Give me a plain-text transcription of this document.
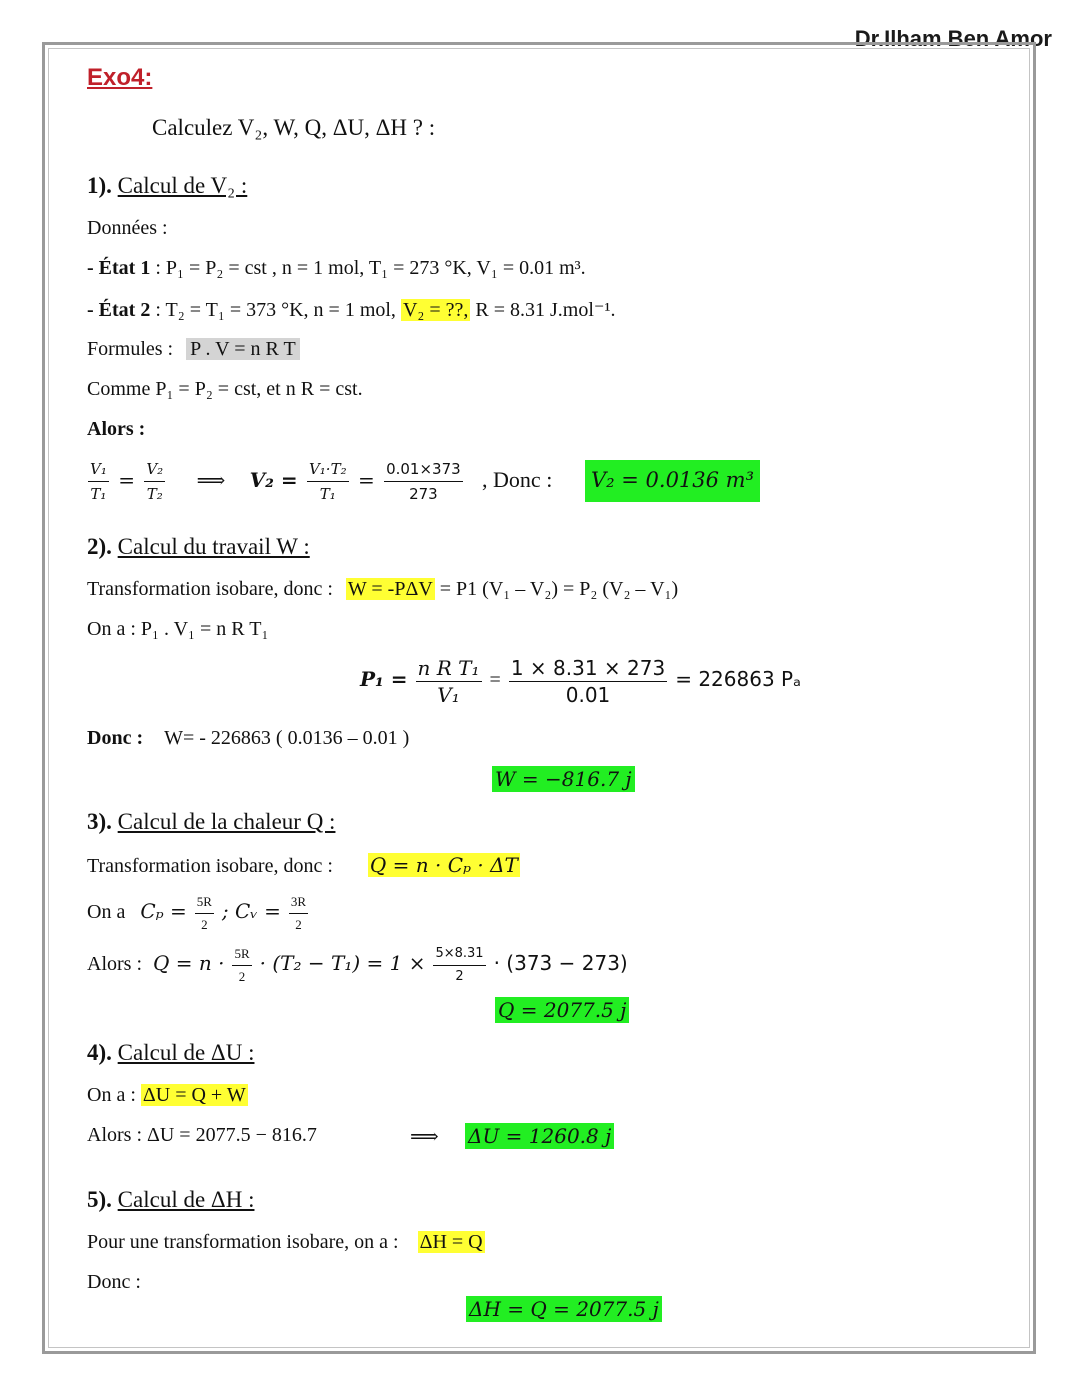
Dr.Ilham Ben Amor
Exo4:
Calculez V₂, W, Q, ΔU, ΔH ? :
1). Calcul de V₂ :
Données :
- État 1 : P₁ = P₂ = cst , n = 1 mol, T₁ = 273 °K, V₁ = 0.01 m³.
- État 2 : T₂ = T₁ = 373 °K, n = 1 mol, V₂ = ??, R = 8.31 J.mol⁻¹.
Formules : P . V = n R T
Comme P₁ = P₂ = cst, et n R = cst.
Alors :
$\frac{\text{V₁}}{\text{T₁}} = \frac{\text{V₂}}{\text{T₂}}$ ⟹ $V_2 = \frac{\text{V₁·T₂}}{\text{T₁}} = \frac{0.01\times 373}{273}$ , Donc : V₂ = 0.0136 m³
2). Calcul du travail W :
Transformation isobare, donc : W = -PΔV = P1 (V₁ – V₂) = P₂ (V₂ – V₁)
On a : P₁ . V₁ = n R T₁
$P_1 = \frac{\text{n R T₁}}{\text{V₁}} = \frac{1 \times 8.31 \times 273}{0.01} = 226863$ Pₐ
Donc : W= - 226863 ( 0.0136 – 0.01 )
W = −816.7 j
3). Calcul de la chaleur Q :
Transformation isobare, donc : Q = n · Cₚ · ΔT
On a $C_p = \frac{5R}{2}$ ; Cᵥ = $\frac{3R}{2}$
Alors : $Q = n \cdot \frac{5R}{2} \cdot (T_2 - T_1) = 1 \times \frac{5\times 8.31}{2} \cdot (373 - 273)$
Q = 2077.5 j
4). Calcul de ΔU :
On a : ΔU = Q + W
Alors : ΔU = 2077.5 − 816.7	⟹ ΔU = 1260.8 j
5). Calcul de ΔH :
Pour une transformation isobare, on a : ΔH = Q
Donc :
ΔH = Q = 2077.5 j
